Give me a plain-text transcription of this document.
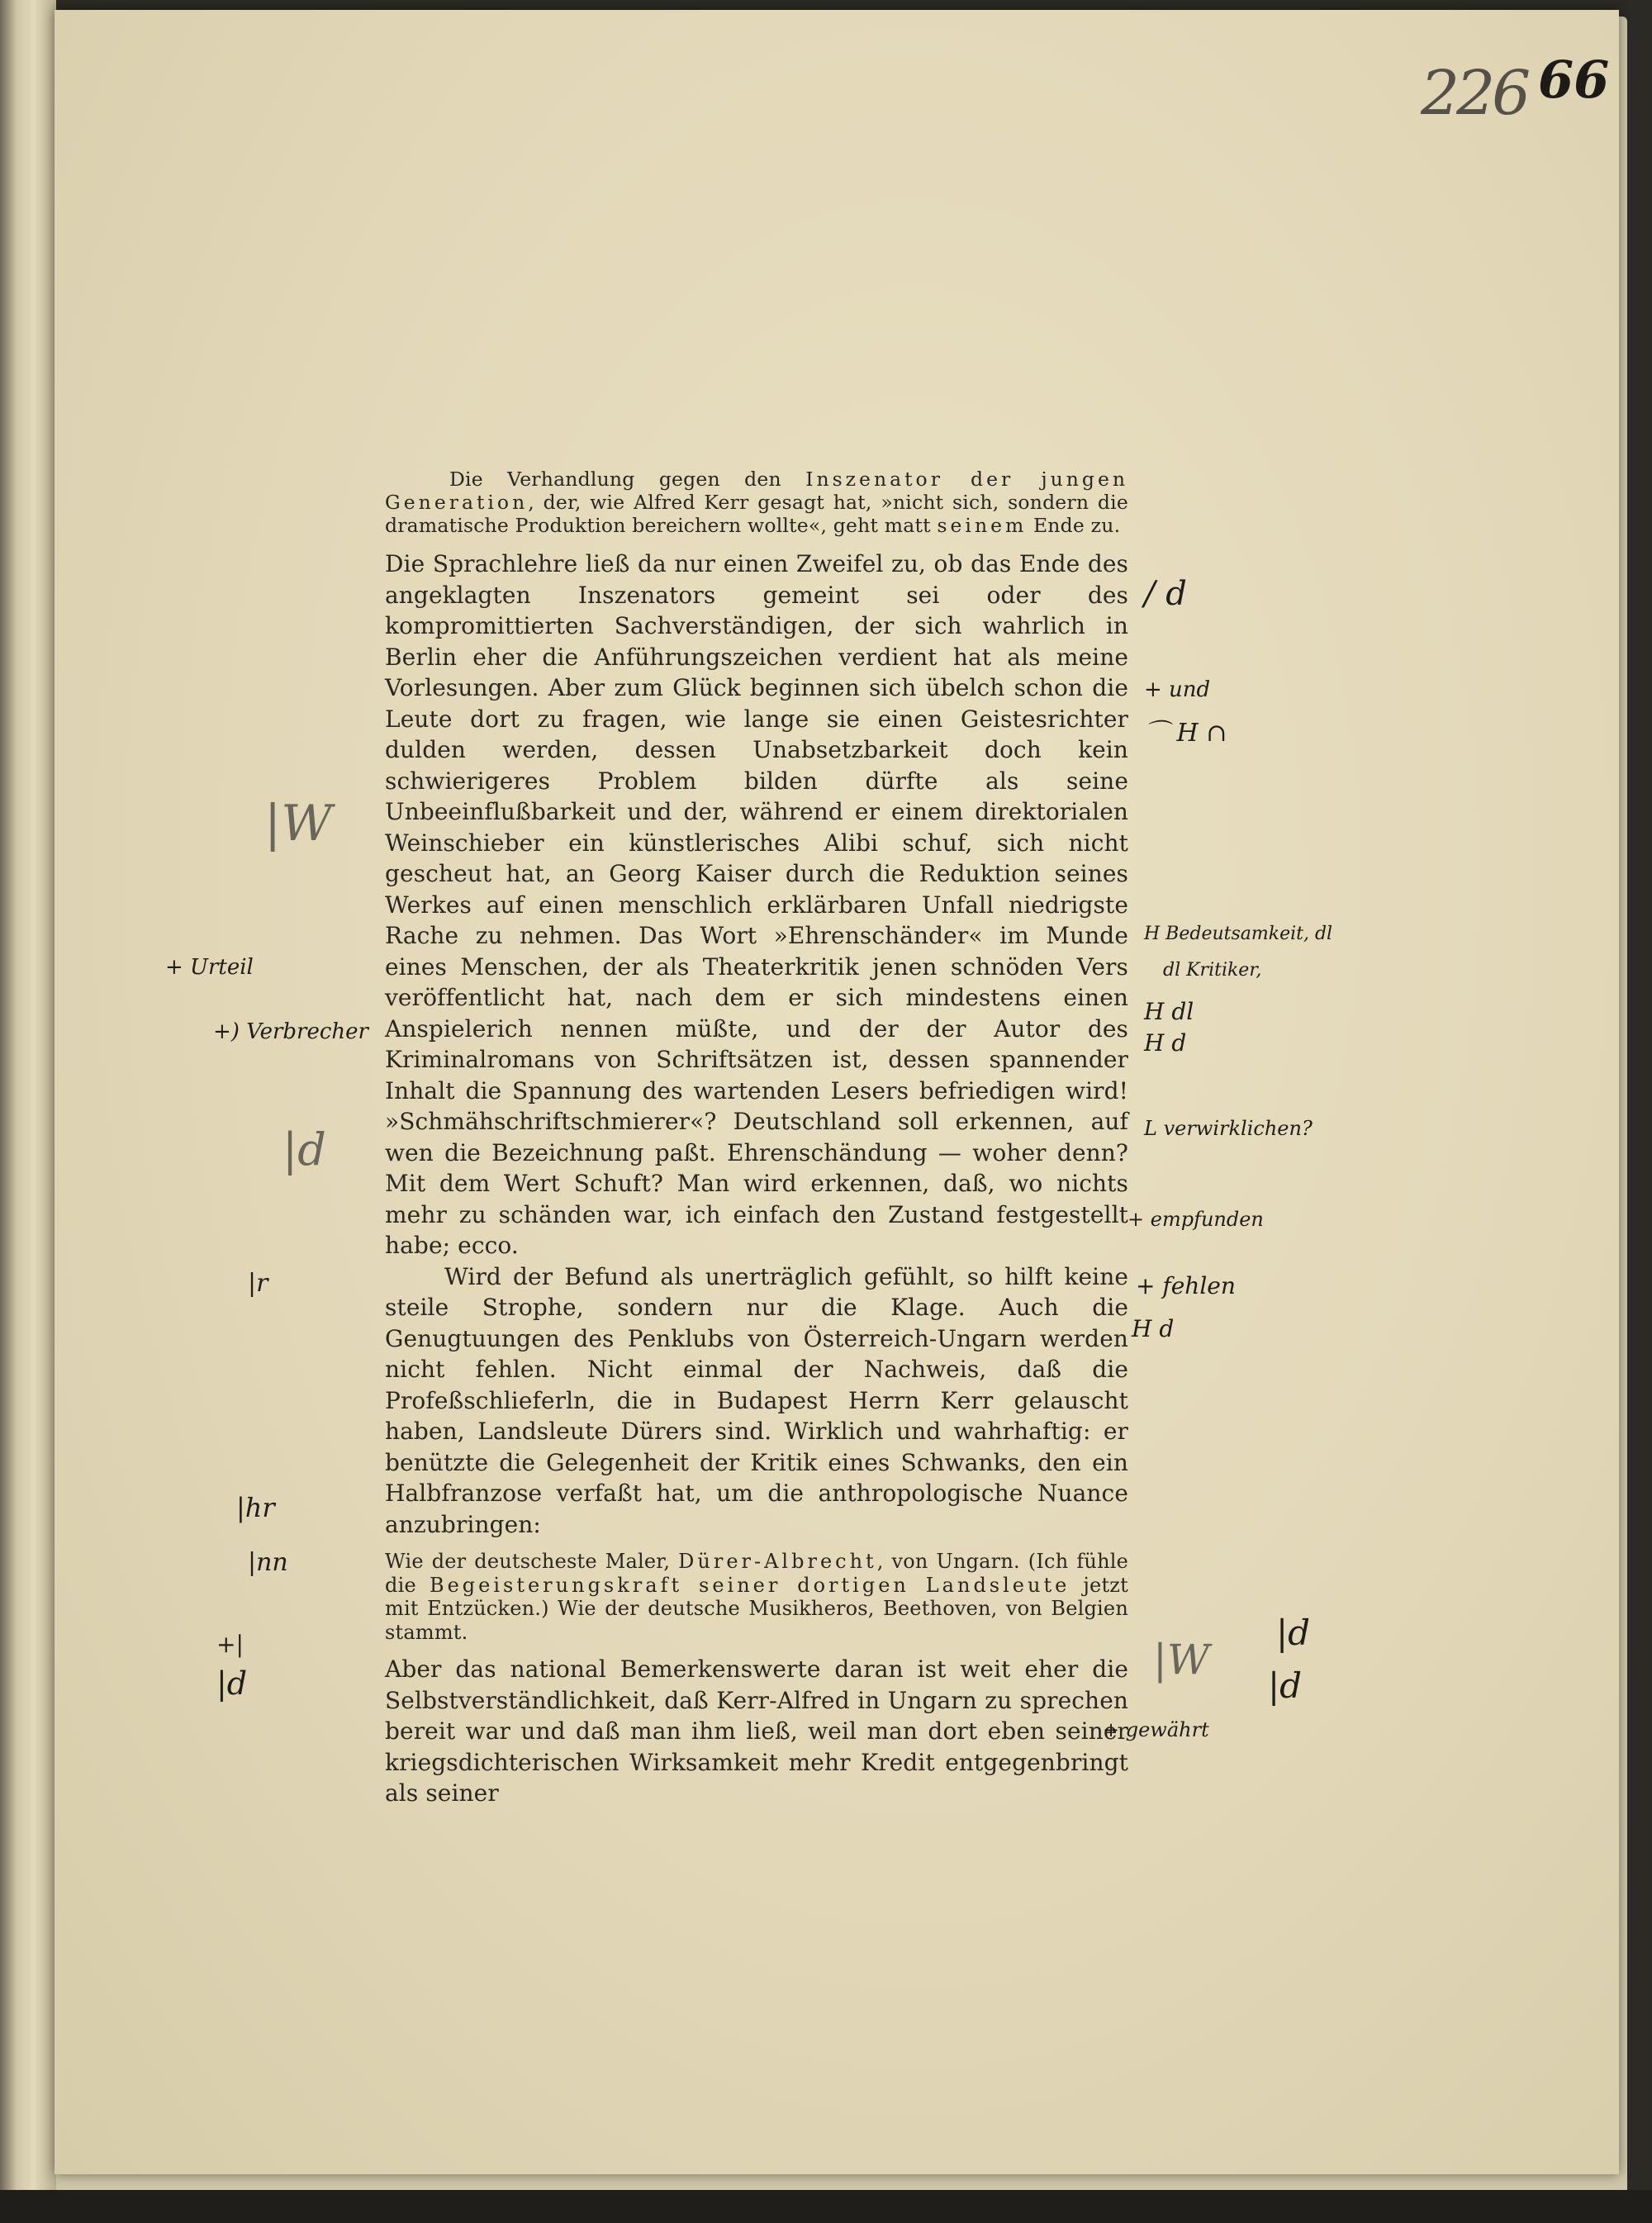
226 66

Die Verhandlung gegen den Inszenator der jungen Generation, der, wie Alfred Kerr gesagt hat, »nicht sich, sondern die dramatische Produktion bereichern wollte«, geht matt seinem Ende zu.

Die Sprachlehre ließ da nur einen Zweifel zu, ob das Ende des angeklagten Inszenators gemeint sei oder des kompromittierten Sachverständigen, der sich wahrlich in Berlin eher die Anführungszeichen verdient hat als meine Vorlesungen. Aber zum Glück beginnen sich übelch schon die Leute dort zu fragen, wie lange sie einen Geistesrichter dulden werden, dessen Unabsetzbarkeit doch kein schwierigeres Problem bilden dürfte als seine Unbeeinflußbarkeit und der, während er einem direktorialen Weinschieber ein künstlerisches Alibi schuf, sich nicht gescheut hat, an Georg Kaiser durch die Reduktion seines Werkes auf einen menschlich erklärbaren Unfall niedrigste Rache zu nehmen. Das Wort »Ehrenschänder« im Munde eines Menschen, der als Theaterkritik jenen schnöden Vers veröffentlicht hat, nach dem er sich mindestens einen Anspielerich nennen müßte, und der der Autor des Kriminalromans von Schriftsätzen ist, dessen spannender Inhalt die Spannung des wartenden Lesers befriedigen wird! »Schmähschriftschmierer«? Deutschland soll erkennen, auf wen die Bezeichnung paßt. Ehrenschändung — woher denn? Mit dem Wert Schuft? Man wird erkennen, daß, wo nichts mehr zu schänden war, ich einfach den Zustand festgestellt habe; ecco.

Wird der Befund als unerträglich gefühlt, so hilft keine steile Strophe, sondern nur die Klage. Auch die Genugtuungen des Penklubs von Österreich-Ungarn werden nicht fehlen. Nicht einmal der Nachweis, daß die Profeßschlieferln, die in Budapest Herrn Kerr gelauscht haben, Landsleute Dürers sind. Wirklich und wahrhaftig: er benützte die Gelegenheit der Kritik eines Schwanks, den ein Halbfranzose verfaßt hat, um die anthropologische Nuance anzubringen:

Wie der deutscheste Maler, Dürer-Albrecht, von Ungarn. (Ich fühle die Begeisterungskraft seiner dortigen Landsleute jetzt mit Entzücken.) Wie der deutsche Musikheros, Beethoven, von Belgien stammt.

Aber das national Bemerkenswerte daran ist weit eher die Selbstverständlichkeit, daß Kerr-Alfred in Ungarn zu sprechen bereit war und daß man ihm ließ, weil man dort eben seiner kriegsdichterischen Wirksamkeit mehr Kredit entgegenbringt als seiner

/ d
+ und
⌒ H ∩
H Bedeutsamkeit, dl
dl Kritiker,
H dl
H d
L verwirklichen?
+ empfunden
+ fehlen
H d
|W
|d
|d
+ gewährt
|W
+ Urteil
+) Verbrecher
|d
|r
|hr
|nn
+|
|d
